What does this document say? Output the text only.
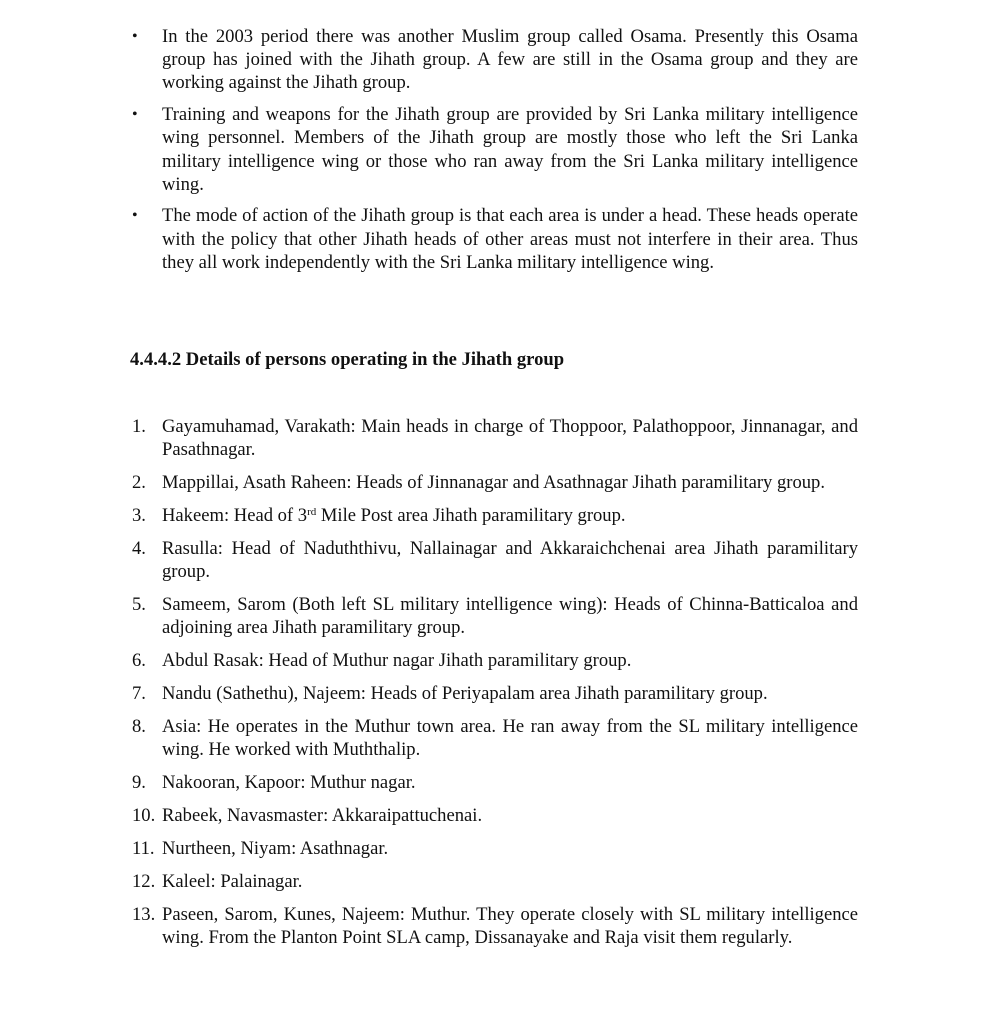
• In the 2003 period there was another Muslim group called Osama. Presently this Osama group has joined with the Jihath group. A few are still in the Osama group and they are working against the Jihath group.
• Training and weapons for the Jihath group are provided by Sri Lanka military intelligence wing personnel. Members of the Jihath group are mostly those who left the Sri Lanka military intelligence wing or those who ran away from the Sri Lanka military intelligence wing.
• The mode of action of the Jihath group is that each area is under a head. These heads operate with the policy that other Jihath heads of other areas must not interfere in their area. Thus they all work independently with the Sri Lanka military intelligence wing.
4.4.4.2 Details of persons operating in the Jihath group
1. Gayamuhamad, Varakath: Main heads in charge of Thoppoor, Palathoppoor, Jinnanagar, and Pasathnagar.
2. Mappillai, Asath Raheen: Heads of Jinnanagar and Asathnagar Jihath paramilitary group.
3. Hakeem: Head of 3rd Mile Post area Jihath paramilitary group.
4. Rasulla: Head of Naduththivu, Nallainagar and Akkaraichchenai area Jihath paramilitary group.
5. Sameem, Sarom (Both left SL military intelligence wing): Heads of Chinna-Batticaloa and adjoining area Jihath paramilitary group.
6. Abdul Rasak: Head of Muthur nagar Jihath paramilitary group.
7. Nandu (Sathethu), Najeem: Heads of Periyapalam area Jihath paramilitary group.
8. Asia: He operates in the Muthur town area. He ran away from the SL military intelligence wing. He worked with Muththalip.
9. Nakooran, Kapoor: Muthur nagar.
10. Rabeek, Navasmaster: Akkaraipattuchenai.
11. Nurtheen, Niyam: Asathnagar.
12. Kaleel: Palainagar.
13. Paseen, Sarom, Kunes, Najeem: Muthur. They operate closely with SL military intelligence wing. From the Planton Point SLA camp, Dissanayake and Raja visit them regularly.
